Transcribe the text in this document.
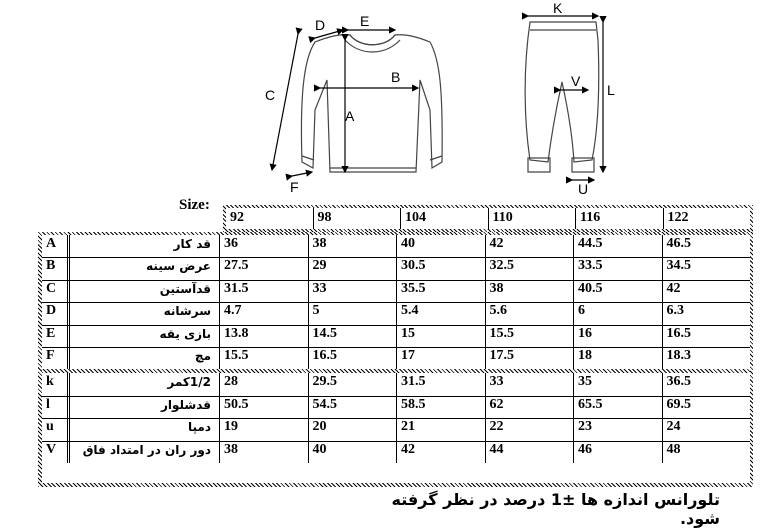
A
B
C
D E
F
K
L
V
U
Size:
92	98	104	110	116	122
A	قد کار 36	38	40	42	44.5	46.5
B	عرض سینه 27.5	29	30.5	32.5	33.5	34.5
C	قدآستین 31.5	33	35.5	38	40.5	42
D	سرشانه 4.7	5	5.4	5.6	6	6.3
E	بازی یقه 13.8	14.5	15	15.5	16	16.5
F	مچ 15.5	16.5	17	17.5	18	18.3
k	1/2کمر 28	29.5	31.5	33	35	36.5
l	قدشلوار 50.5	54.5	58.5	62	65.5	69.5
u	دمپا 19	20	21	22	23	24
V	دور ران در امتداد فاق 38	40	42	44	46	48
تلورانس اندازه ها ±1 درصد در نظر گرفته شود.
